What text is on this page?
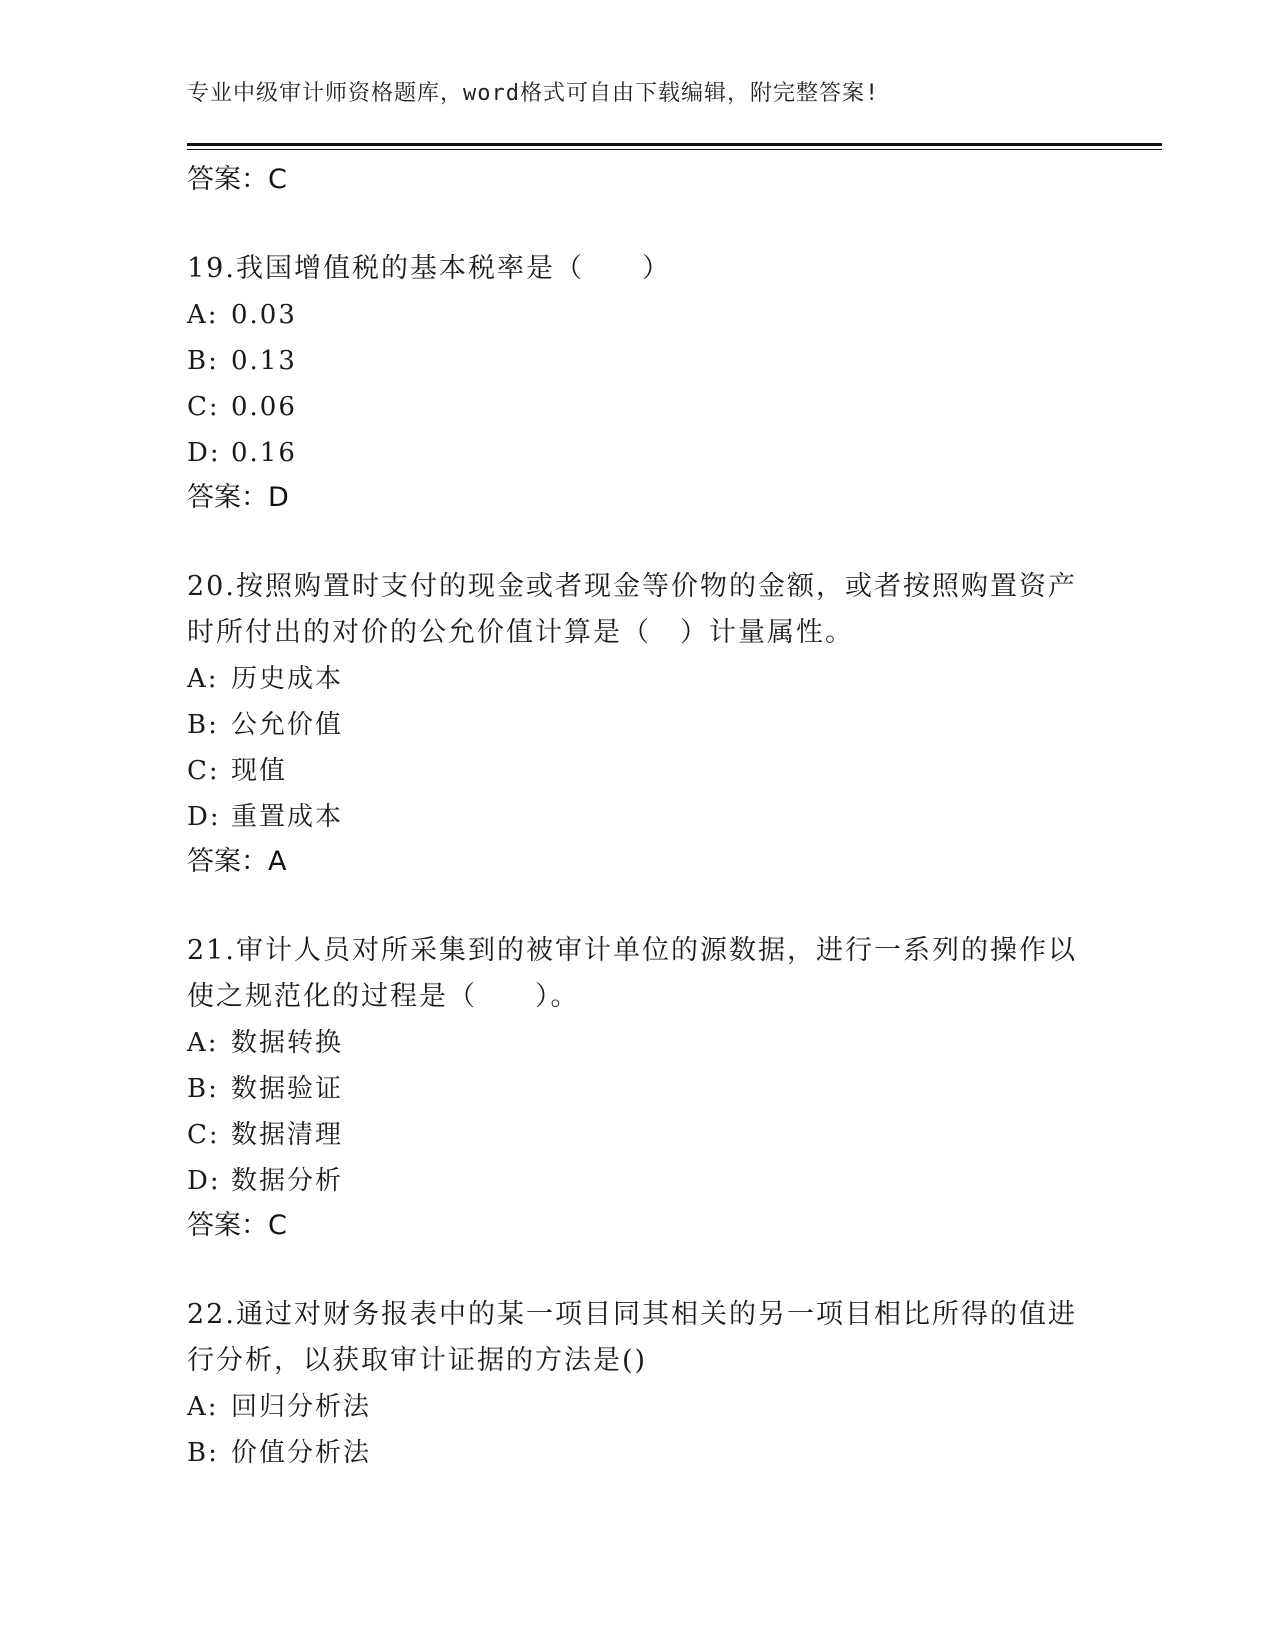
专业中级审计师资格题库，word格式可自由下载编辑，附完整答案!
答案：C
19.我国增值税的基本税率是（　　）
A: 0.03
B: 0.13
C: 0.06
D: 0.16
答案：D
20.按照购置时支付的现金或者现金等价物的金额，或者按照购置资产时所付出的对价的公允价值计算是（　）计量属性。
A: 历史成本
B: 公允价值
C: 现值
D: 重置成本
答案：A
21.审计人员对所采集到的被审计单位的源数据，进行一系列的操作以使之规范化的过程是（　　）。
A: 数据转换
B: 数据验证
C: 数据清理
D: 数据分析
答案：C
22.通过对财务报表中的某一项目同其相关的另一项目相比所得的值进行分析，以获取审计证据的方法是()
A: 回归分析法
B: 价值分析法
